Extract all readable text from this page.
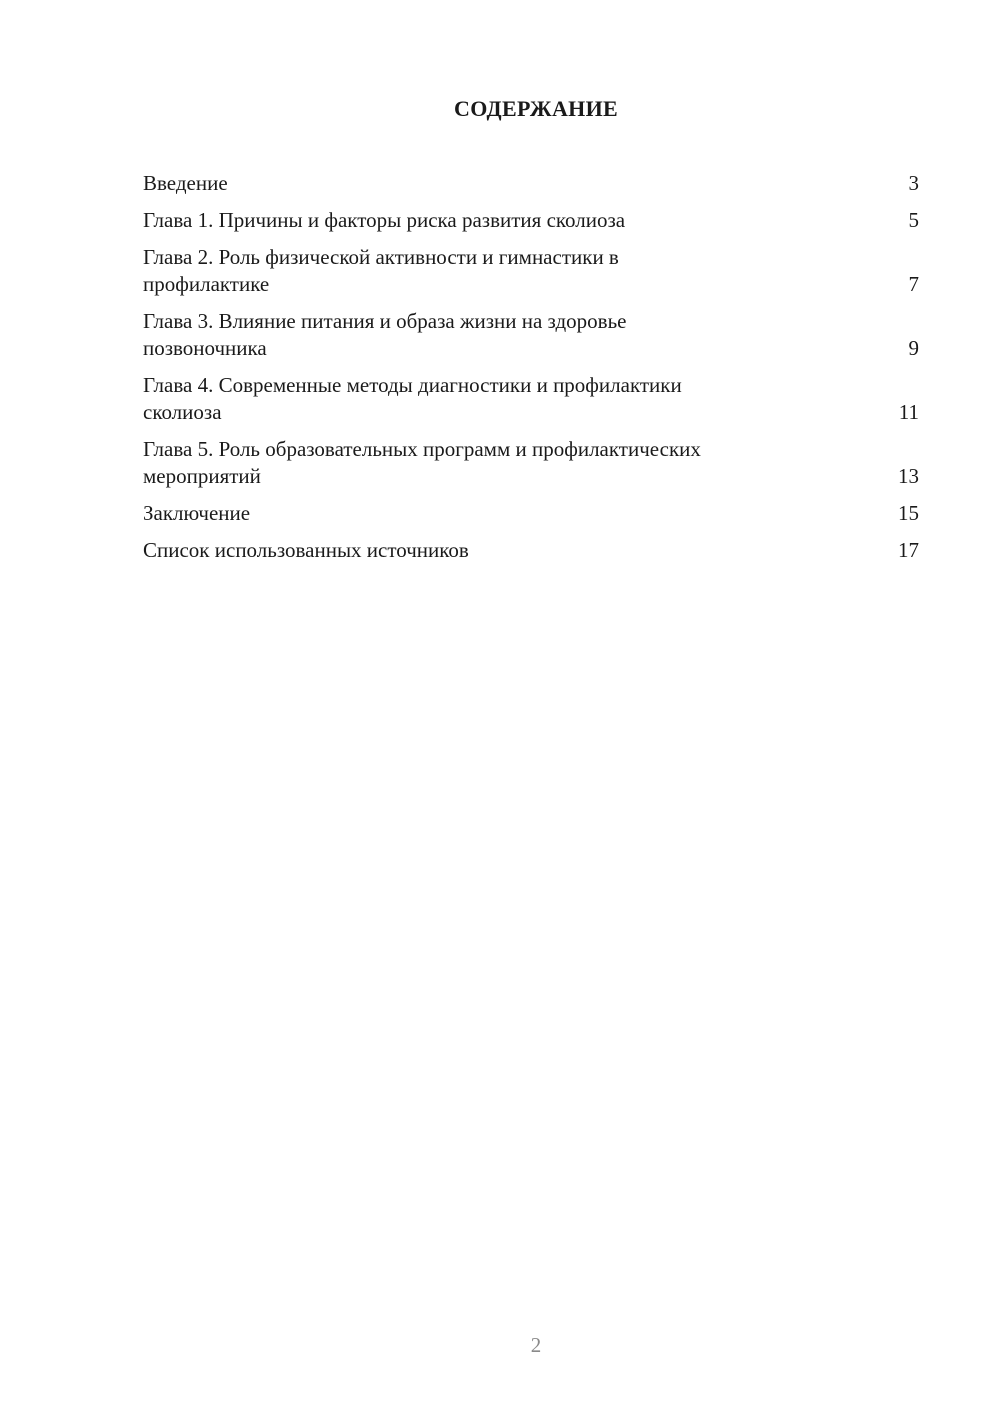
СОДЕРЖАНИЕ
Введение	3
Глава 1. Причины и факторы риска развития сколиоза	5
Глава 2. Роль физической активности и гимнастики в
профилактике	7
Глава 3. Влияние питания и образа жизни на здоровье
позвоночника	9
Глава 4. Современные методы диагностики и профилактики
сколиоза	11
Глава 5. Роль образовательных программ и профилактических
мероприятий	13
Заключение	15
Список использованных источников	17
2
